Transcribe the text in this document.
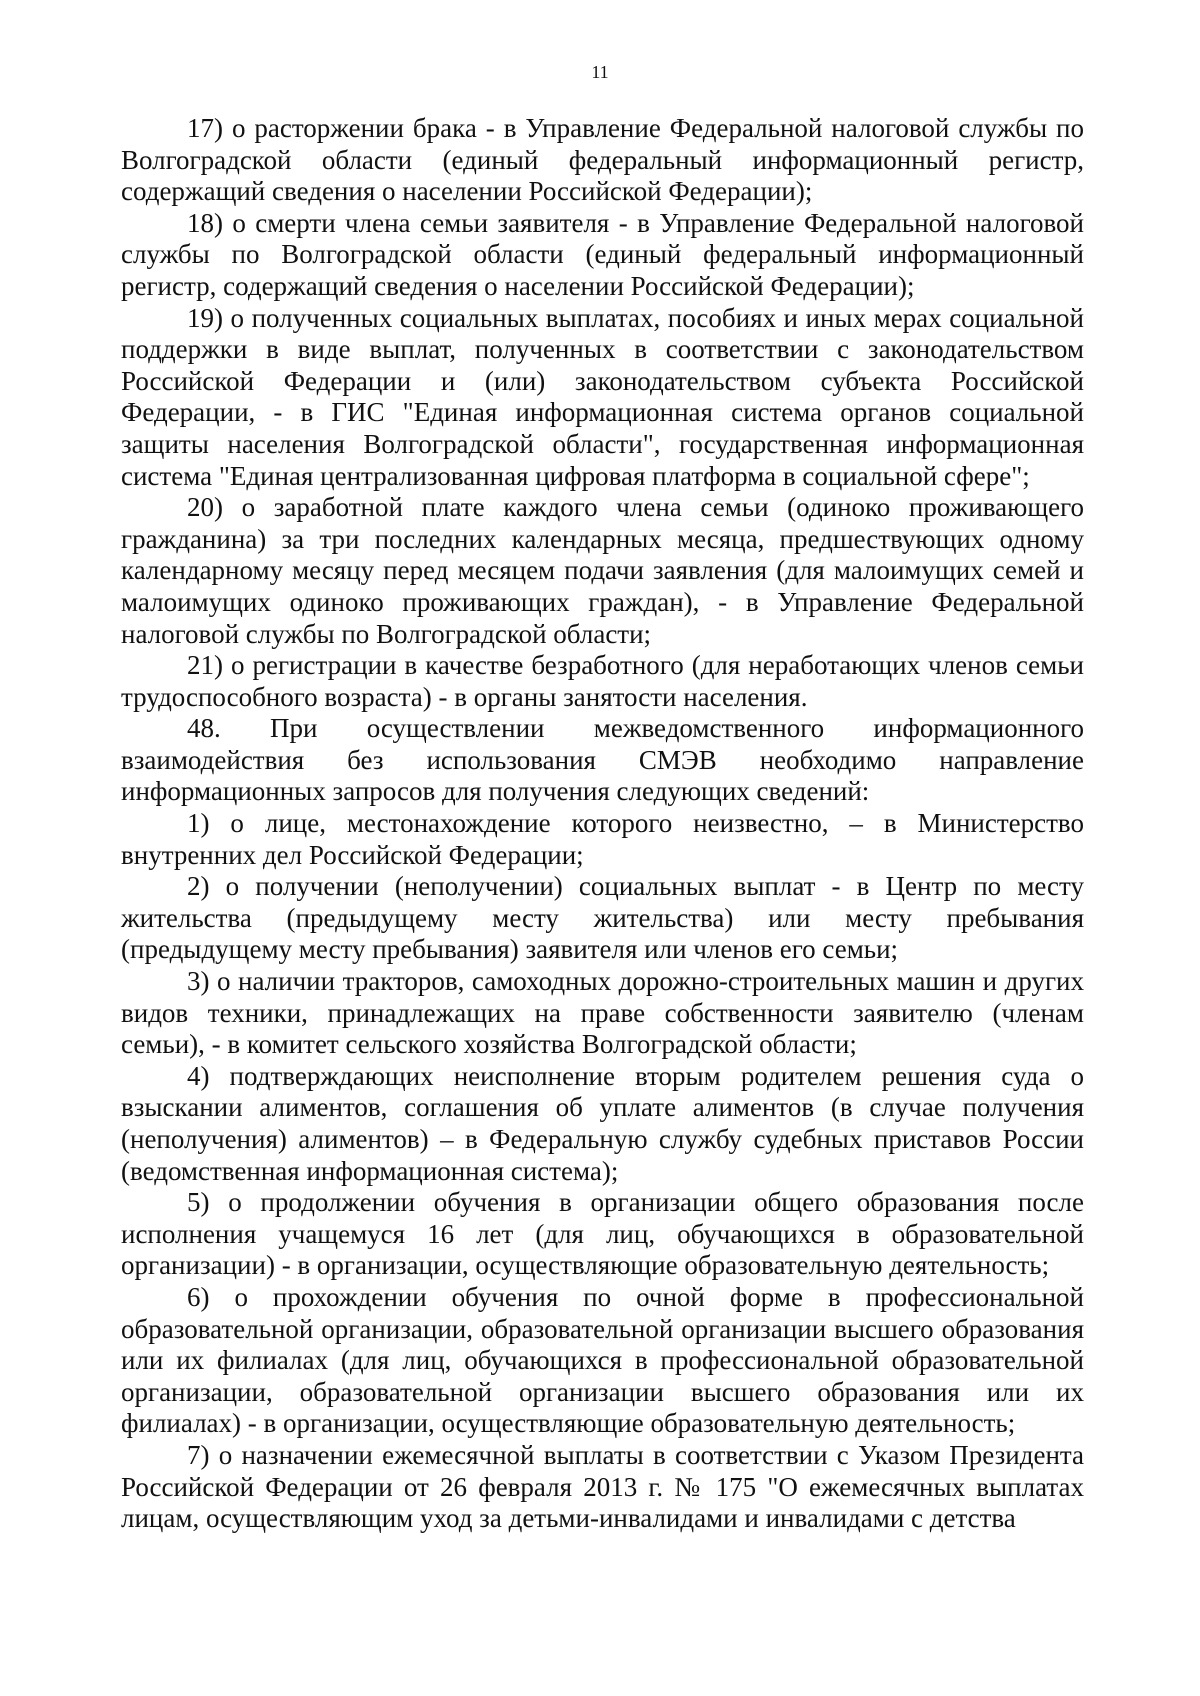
11

17) о расторжении брака - в Управление Федеральной налоговой службы по Волгоградской области (единый федеральный информационный регистр, содержащий сведения о населении Российской Федерации);

18) о смерти члена семьи заявителя - в Управление Федеральной налоговой службы по Волгоградской области (единый федеральный информационный регистр, содержащий сведения о населении Российской Федерации);

19) о полученных социальных выплатах, пособиях и иных мерах социальной поддержки в виде выплат, полученных в соответствии с законодательством Российской Федерации и (или) законодательством субъекта Российской Федерации, - в ГИС "Единая информационная система органов социальной защиты населения Волгоградской области", государственная информационная система "Единая централизованная цифровая платформа в социальной сфере";

20) о заработной плате каждого члена семьи (одиноко проживающего гражданина) за три последних календарных месяца, предшествующих одному календарному месяцу перед месяцем подачи заявления (для малоимущих семей и малоимущих одиноко проживающих граждан), - в Управление Федеральной налоговой службы по Волгоградской области;

21) о регистрации в качестве безработного (для неработающих членов семьи трудоспособного возраста) - в органы занятости населения.

48. При осуществлении межведомственного информационного взаимодействия без использования СМЭВ необходимо направление информационных запросов для получения следующих сведений:

1) о лице, местонахождение которого неизвестно, – в Министерство внутренних дел Российской Федерации;

2) о получении (неполучении) социальных выплат - в Центр по месту жительства (предыдущему месту жительства) или месту пребывания (предыдущему месту пребывания) заявителя или членов его семьи;

3) о наличии тракторов, самоходных дорожно-строительных машин и других видов техники, принадлежащих на праве собственности заявителю (членам семьи), - в комитет сельского хозяйства Волгоградской области;

4) подтверждающих неисполнение вторым родителем решения суда о взыскании алиментов, соглашения об уплате алиментов (в случае получения (неполучения) алиментов) – в Федеральную службу судебных приставов России (ведомственная информационная система);

5) о продолжении обучения в организации общего образования после исполнения учащемуся 16 лет (для лиц, обучающихся в образовательной организации) - в организации, осуществляющие образовательную деятельность;

6) о прохождении обучения по очной форме в профессиональной образовательной организации, образовательной организации высшего образования или их филиалах (для лиц, обучающихся в профессиональной образовательной организации, образовательной организации высшего образования или их филиалах) - в организации, осуществляющие образовательную деятельность;

7) о назначении ежемесячной выплаты в соответствии с Указом Президента Российской Федерации от 26 февраля 2013 г. № 175 "О ежемесячных выплатах лицам, осуществляющим уход за детьми-инвалидами и инвалидами с детства
